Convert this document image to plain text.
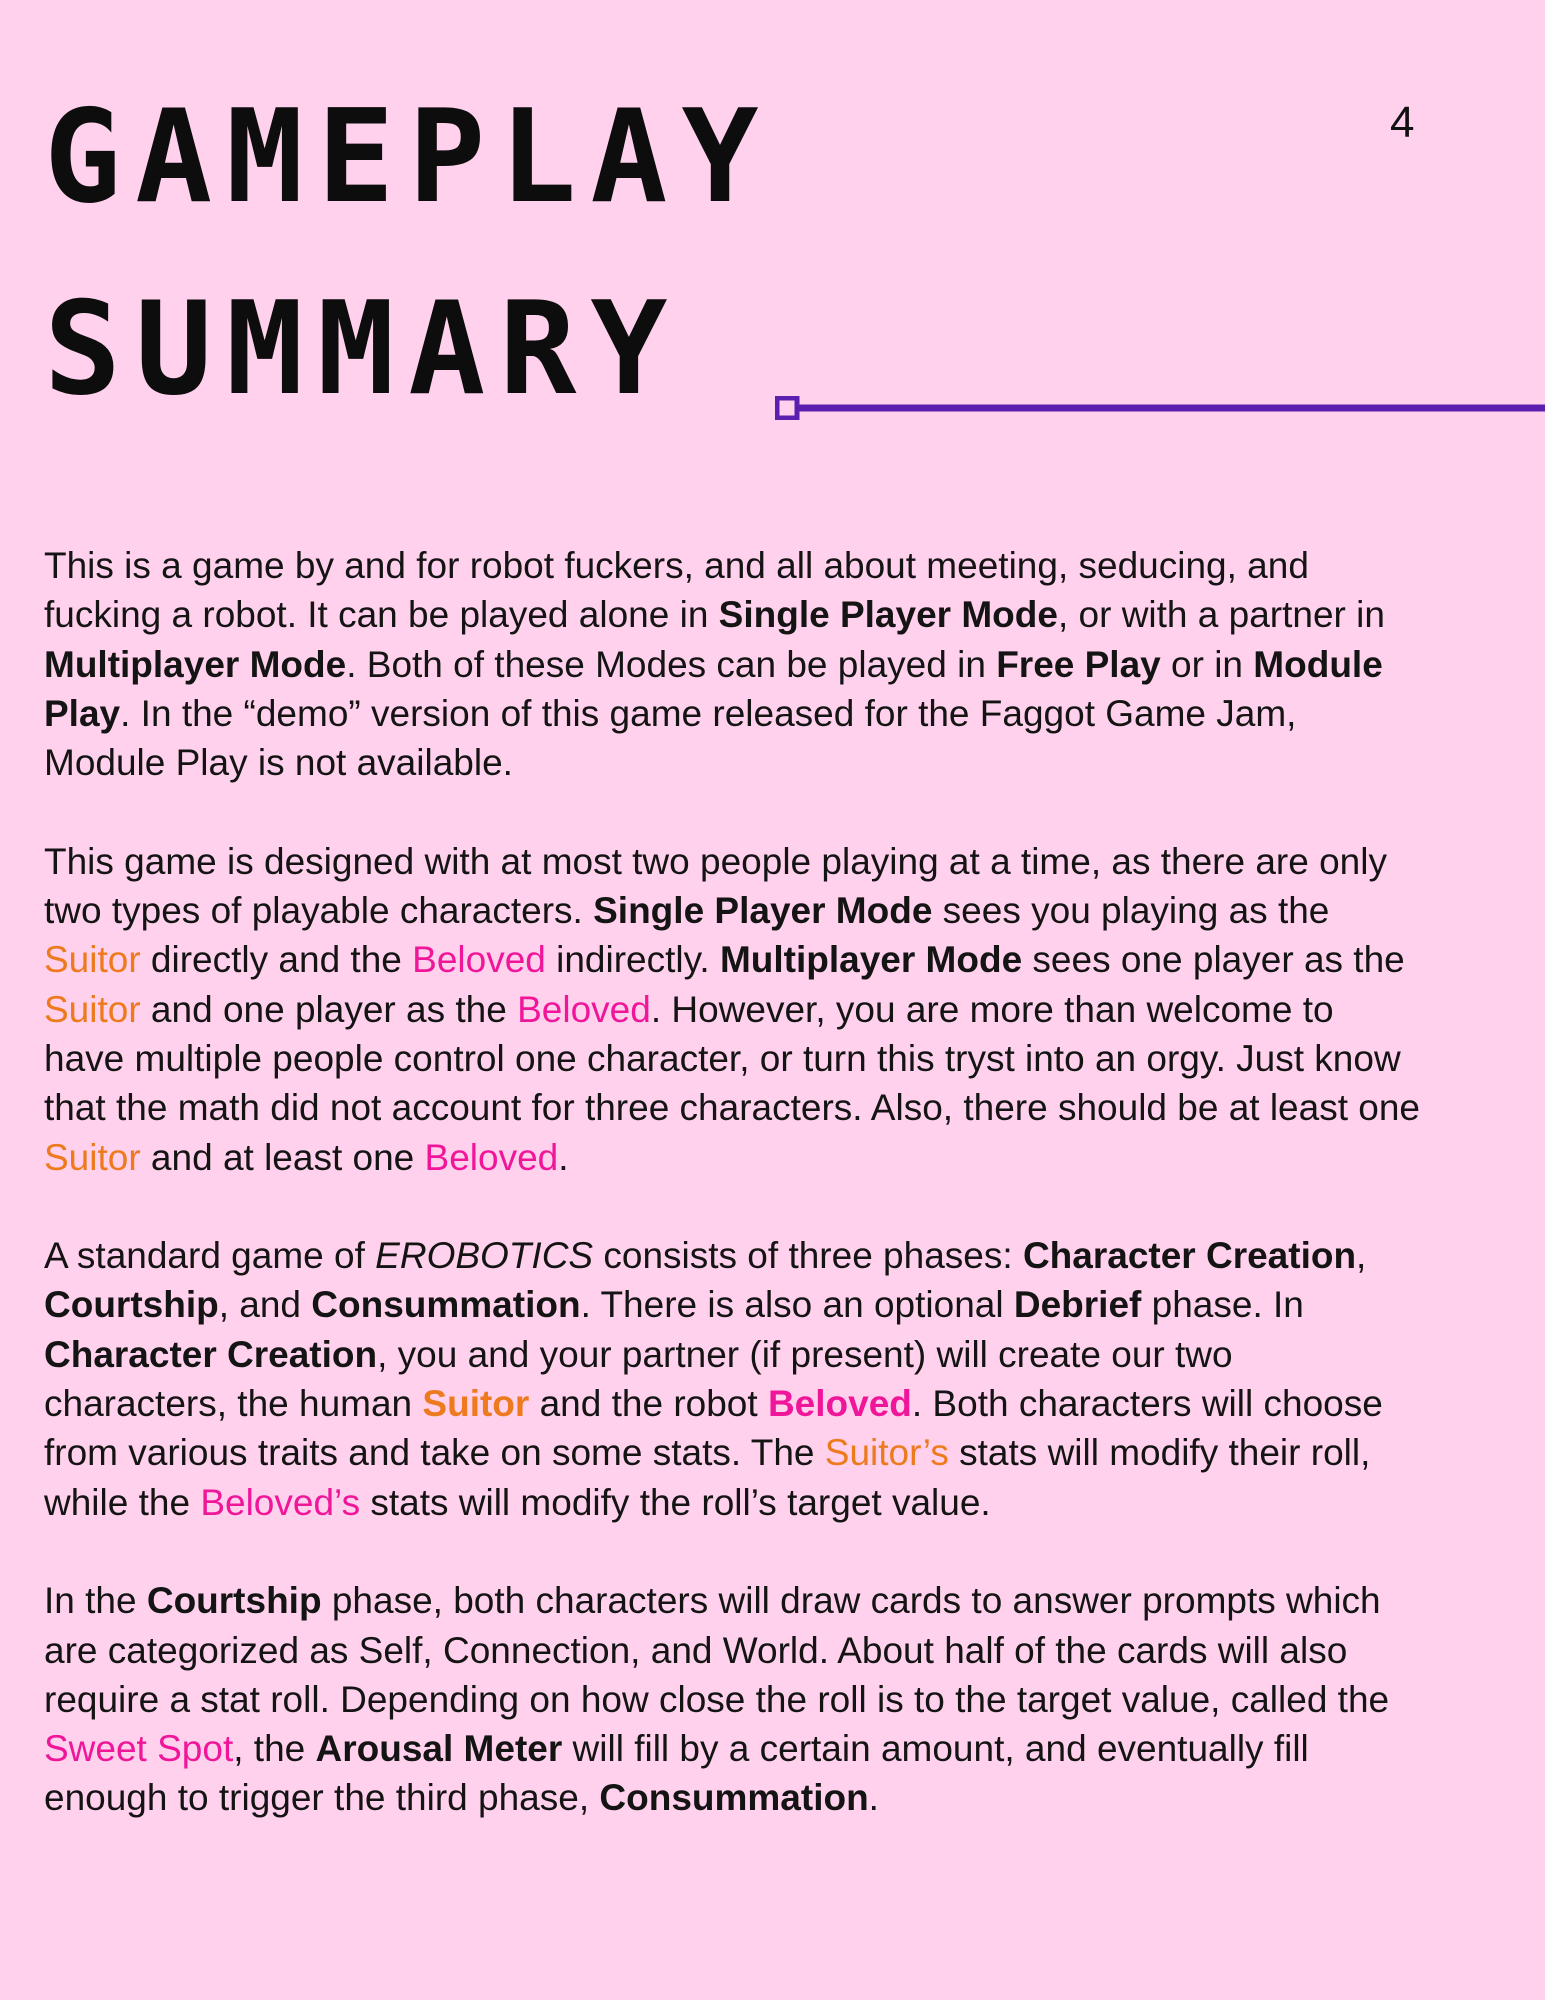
GAMEPLAY
SUMMARY
4

This is a game by and for robot fuckers, and all about meeting, seducing, and fucking a robot. It can be played alone in Single Player Mode, or with a partner in Multiplayer Mode. Both of these Modes can be played in Free Play or in Module Play. In the “demo” version of this game released for the Faggot Game Jam, Module Play is not available.

This game is designed with at most two people playing at a time, as there are only two types of playable characters. Single Player Mode sees you playing as the Suitor directly and the Beloved indirectly. Multiplayer Mode sees one player as the Suitor and one player as the Beloved. However, you are more than welcome to have multiple people control one character, or turn this tryst into an orgy. Just know that the math did not account for three characters. Also, there should be at least one Suitor and at least one Beloved.

A standard game of EROBOTICS consists of three phases: Character Creation, Courtship, and Consummation. There is also an optional Debrief phase. In Character Creation, you and your partner (if present) will create our two characters, the human Suitor and the robot Beloved. Both characters will choose from various traits and take on some stats. The Suitor’s stats will modify their roll, while the Beloved’s stats will modify the roll’s target value.

In the Courtship phase, both characters will draw cards to answer prompts which are categorized as Self, Connection, and World. About half of the cards will also require a stat roll. Depending on how close the roll is to the target value, called the Sweet Spot, the Arousal Meter will fill by a certain amount, and eventually fill enough to trigger the third phase, Consummation.
